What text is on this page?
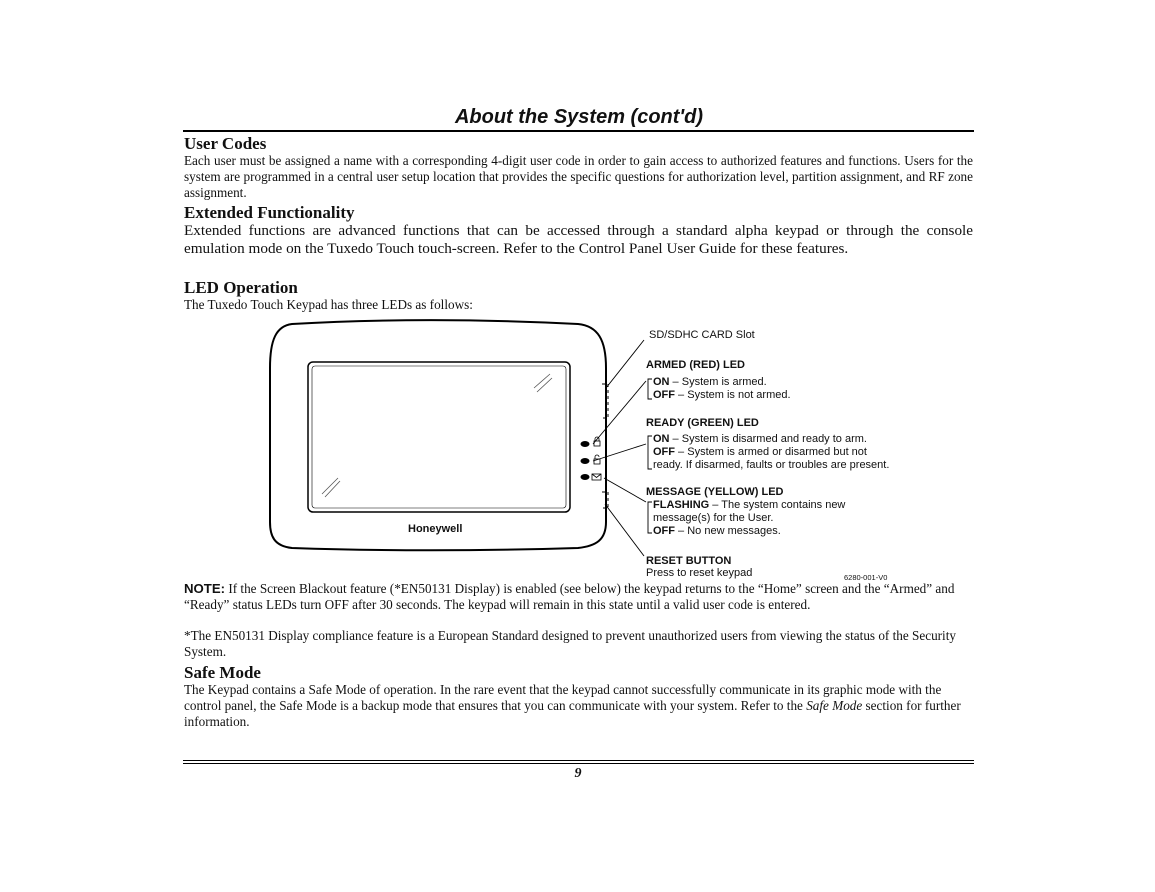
About the System (cont'd)
User Codes
Each user must be assigned a name with a corresponding 4-digit user code in order to gain access to authorized features and functions. Users for the system are programmed in a central user setup location that provides the specific questions for authorization level, partition assignment, and RF zone assignment.
Extended Functionality
Extended functions are advanced functions that can be accessed through a standard alpha keypad or through the console emulation mode on the Tuxedo Touch touch-screen. Refer to the Control Panel User Guide for these features.
LED Operation
The Tuxedo Touch Keypad has three LEDs as follows:
Honeywell
SD/SDHC CARD Slot
ARMED (RED) LED
ON – System is armed.
OFF – System is not armed.
READY (GREEN) LED
ON – System is disarmed and ready to arm.
OFF – System is armed or disarmed but not
ready. If disarmed, faults or troubles are present.
MESSAGE (YELLOW) LED
FLASHING – The system contains new
message(s) for the User.
OFF – No new messages.
RESET BUTTON
Press to reset keypad	6280-001-V0
NOTE: If the Screen Blackout feature (*EN50131 Display) is enabled (see below) the keypad returns to the “Home” screen and the “Armed” and “Ready” status LEDs turn OFF after 30 seconds. The keypad will remain in this state until a valid user code is entered.
*The EN50131 Display compliance feature is a European Standard designed to prevent unauthorized users from viewing the status of the Security System.
Safe Mode
The Keypad contains a Safe Mode of operation. In the rare event that the keypad cannot successfully communicate in its graphic mode with the control panel, the Safe Mode is a backup mode that ensures that you can communicate with your system. Refer to the Safe Mode section for further information.
9
